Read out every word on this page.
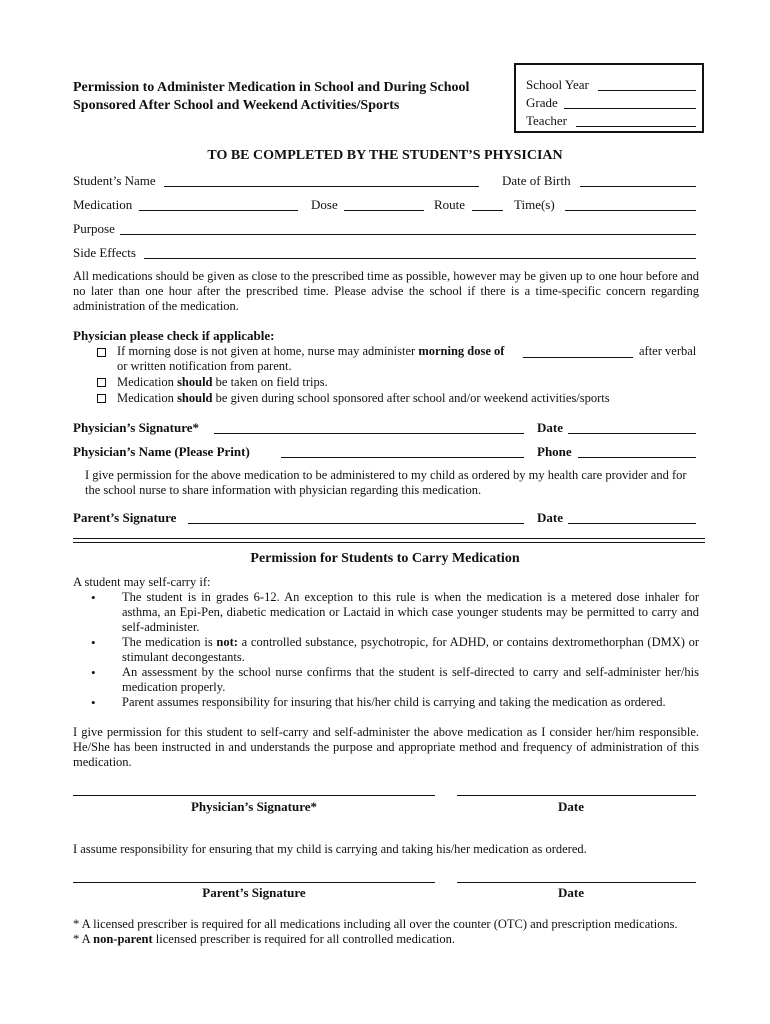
Permission to Administer Medication in School and During School
Sponsored After School and Weekend Activities/Sports
School Year
Grade
Teacher
TO BE COMPLETED BY THE STUDENT’S PHYSICIAN
Student’s Name	Date of Birth
Medication	Dose	Route	Time(s)
Purpose
Side Effects
All medications should be given as close to the prescribed time as possible, however may be given up to one hour before and no later than one hour after the prescribed time. Please advise the school if there is a time-specific concern regarding administration of the medication.
Physician please check if applicable:
If morning dose is not given at home, nurse may administer morning dose of	after verbal
or written notification from parent.
Medication should be taken on field trips.
Medication should be given during school sponsored after school and/or weekend activities/sports
Physician’s Signature*	Date
Physician’s Name (Please Print)	Phone
I give permission for the above medication to be administered to my child as ordered by my health care provider and for the school nurse to share information with physician regarding this medication.
Parent’s Signature	Date
Permission for Students to Carry Medication
A student may self-carry if:
• The student is in grades 6-12. An exception to this rule is when the medication is a metered dose inhaler for asthma, an Epi-Pen, diabetic medication or Lactaid in which case younger students may be permitted to carry and self-administer.
• The medication is not: a controlled substance, psychotropic, for ADHD, or contains dextromethorphan (DMX) or stimulant decongestants.
• An assessment by the school nurse confirms that the student is self-directed to carry and self-administer her/his medication properly.
• Parent assumes responsibility for insuring that his/her child is carrying and taking the medication as ordered.
I give permission for this student to self-carry and self-administer the above medication as I consider her/him responsible. He/She has been instructed in and understands the purpose and appropriate method and frequency of administration of this medication.
Physician’s Signature*	Date
I assume responsibility for ensuring that my child is carrying and taking his/her medication as ordered.
Parent’s Signature	Date
* A licensed prescriber is required for all medications including all over the counter (OTC) and prescription medications.
* A non-parent licensed prescriber is required for all controlled medication.
